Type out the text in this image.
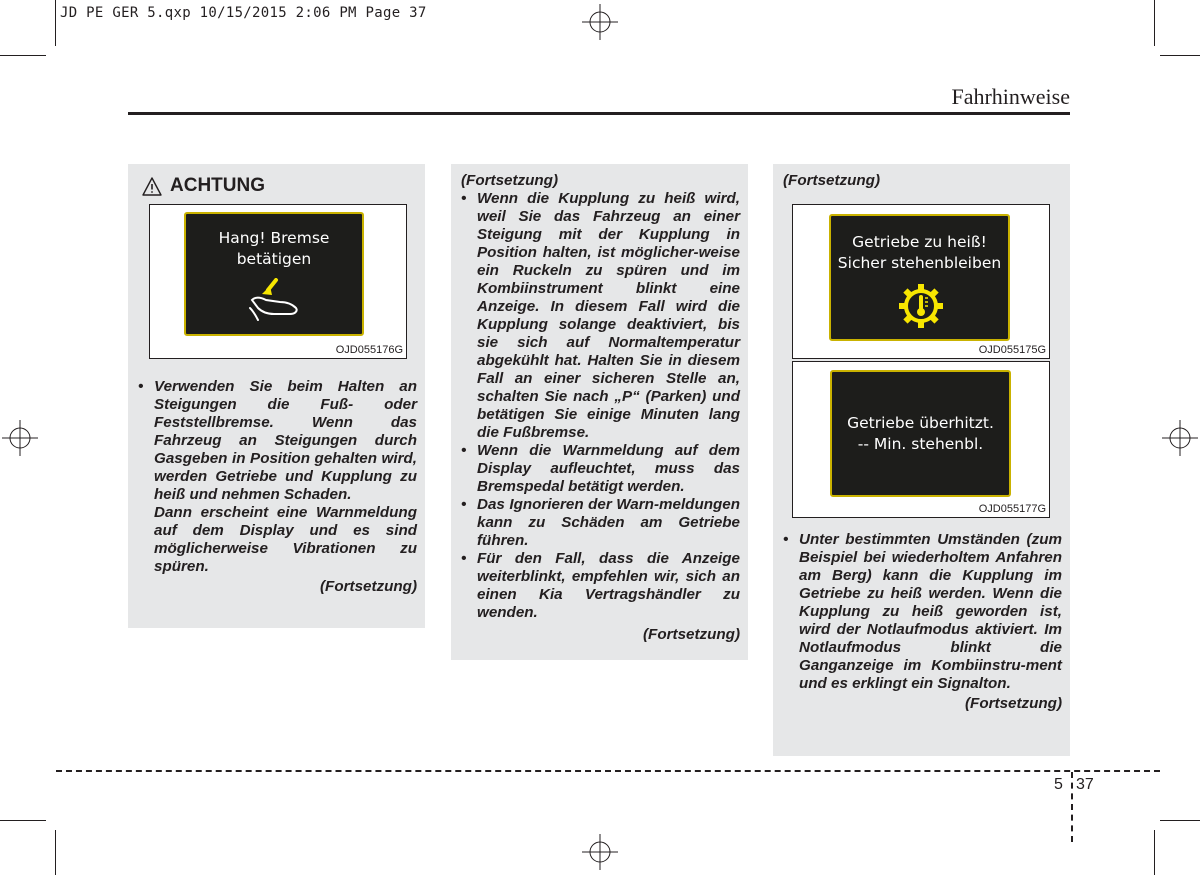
JD PE GER 5.qxp 10/15/2015 2:06 PM Page 37
Fahrhinweise
ACHTUNG
Hang! Bremse
betätigen
OJD055176G
• Verwenden Sie beim Halten an Steigungen die Fuß- oder Feststellbremse. Wenn das Fahrzeug an Steigungen durch Gasgeben in Position gehalten wird, werden Getriebe und Kupplung zu heiß und nehmen Schaden.
Dann erscheint eine Warnmeldung auf dem Display und es sind möglicherweise Vibrationen zu spüren.
(Fortsetzung)
(Fortsetzung)
• Wenn die Kupplung zu heiß wird, weil Sie das Fahrzeug an einer Steigung mit der Kupplung in Position halten, ist möglicher-weise ein Ruckeln zu spüren und im Kombiinstrument blinkt eine Anzeige. In diesem Fall wird die Kupplung solange deaktiviert, bis sie sich auf Normaltemperatur abgekühlt hat. Halten Sie in diesem Fall an einer sicheren Stelle an, schalten Sie nach „P“ (Parken) und betätigen Sie einige Minuten lang die Fußbremse.
• Wenn die Warnmeldung auf dem Display aufleuchtet, muss das Bremspedal betätigt werden.
• Das Ignorieren der Warn-meldungen kann zu Schäden am Getriebe führen.
• Für den Fall, dass die Anzeige weiterblinkt, empfehlen wir, sich an einen Kia Vertragshändler zu wenden.
(Fortsetzung)
(Fortsetzung)
Getriebe zu heiß!
Sicher stehenbleiben
OJD055175G
Getriebe überhitzt.
-- Min. stehenbl.
OJD055177G
• Unter bestimmten Umständen (zum Beispiel bei wiederholtem Anfahren am Berg) kann die Kupplung im Getriebe zu heiß werden. Wenn die Kupplung zu heiß geworden ist, wird der Notlaufmodus aktiviert. Im Notlaufmodus blinkt die Ganganzeige im Kombiinstru-ment und es erklingt ein Signalton.
(Fortsetzung)
5 37
